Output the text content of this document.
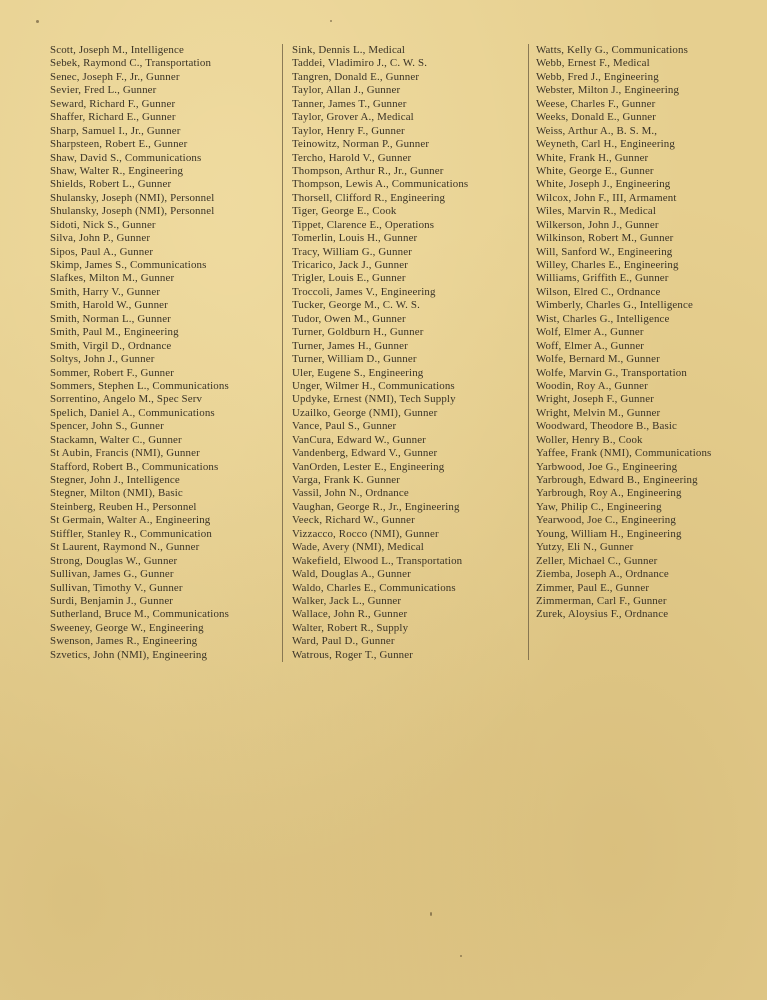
Scott, Joseph M., Intelligence
Sebek, Raymond C., Transportation
Senec, Joseph F., Jr., Gunner
Sevier, Fred L., Gunner
Seward, Richard F., Gunner
Shaffer, Richard E., Gunner
Sharp, Samuel I., Jr., Gunner
Sharpsteen, Robert E., Gunner
Shaw, David S., Communications
Shaw, Walter R., Engineering
Shields, Robert L., Gunner
Shulansky, Joseph (NMI), Personnel
Shulansky, Joseph (NMI), Personnel
Sidoti, Nick S., Gunner
Silva, John P., Gunner
Sipos, Paul A., Gunner
Skimp, James S., Communications
Slafkes, Milton M., Gunner
Smith, Harry V., Gunner
Smith, Harold W., Gunner
Smith, Norman L., Gunner
Smith, Paul M., Engineering
Smith, Virgil D., Ordnance
Soltys, John J., Gunner
Sommer, Robert F., Gunner
Sommers, Stephen L., Communications
Sorrentino, Angelo M., Spec Serv
Spelich, Daniel A., Communications
Spencer, John S., Gunner
Stackamn, Walter C., Gunner
St Aubin, Francis (NMI), Gunner
Stafford, Robert B., Communications
Stegner, John J., Intelligence
Stegner, Milton (NMI), Basic
Steinberg, Reuben H., Personnel
St Germain, Walter A., Engineering
Stiffler, Stanley R., Communication
St Laurent, Raymond N., Gunner
Strong, Douglas W., Gunner
Sullivan, James G., Gunner
Sullivan, Timothy V., Gunner
Surdi, Benjamin J., Gunner
Sutherland, Bruce M., Communications
Sweeney, George W., Engineering
Swenson, James R., Engineering
Szvetics, John (NMI), Engineering
Sink, Dennis L., Medical
Taddei, Vladimiro J., C. W. S.
Tangren, Donald E., Gunner
Taylor, Allan J., Gunner
Tanner, James T., Gunner
Taylor, Grover A., Medical
Taylor, Henry F., Gunner
Teinowitz, Norman P., Gunner
Tercho, Harold V., Gunner
Thompson, Arthur R., Jr., Gunner
Thompson, Lewis A., Communications
Thorsell, Clifford R., Engineering
Tiger, George E., Cook
Tippet, Clarence E., Operations
Tomerlin, Louis H., Gunner
Tracy, William G., Gunner
Tricarico, Jack J., Gunner
Trigler, Louis E., Gunner
Troccoli, James V., Engineering
Tucker, George M., C. W. S.
Tudor, Owen M., Gunner
Turner, Goldburn H., Gunner
Turner, James H., Gunner
Turner, William D., Gunner
Uler, Eugene S., Engineering
Unger, Wilmer H., Communications
Updyke, Ernest (NMI), Tech Supply
Uzailko, George (NMI), Gunner
Vance, Paul S., Gunner
VanCura, Edward W., Gunner
Vandenberg, Edward V., Gunner
VanOrden, Lester E., Engineering
Varga, Frank K. Gunner
Vassil, John N., Ordnance
Vaughan, George R., Jr., Engineering
Veeck, Richard W., Gunner
Vizzacco, Rocco (NMI), Gunner
Wade, Avery (NMI), Medical
Wakefield, Elwood L., Transportation
Wald, Douglas A., Gunner
Waldo, Charles E., Communications
Walker, Jack L., Gunner
Wallace, John R., Gunner
Walter, Robert R., Supply
Ward, Paul D., Gunner
Watrous, Roger T., Gunner
Watts, Kelly G., Communications
Webb, Ernest F., Medical
Webb, Fred J., Engineering
Webster, Milton J., Engineering
Weese, Charles F., Gunner
Weeks, Donald E., Gunner
Weiss, Arthur A., B. S. M.,
Weyneth, Carl H., Engineering
White, Frank H., Gunner
White, George E., Gunner
White, Joseph J., Engineering
Wilcox, John F., III, Armament
Wiles, Marvin R., Medical
Wilkerson, John J., Gunner
Wilkinson, Robert M., Gunner
Will, Sanford W., Engineering
Willey, Charles E., Engineering
Williams, Griffith E., Gunner
Wilson, Elred C., Ordnance
Wimberly, Charles G., Intelligence
Wist, Charles G., Intelligence
Wolf, Elmer A., Gunner
Woff, Elmer A., Gunner
Wolfe, Bernard M., Gunner
Wolfe, Marvin G., Transportation
Woodin, Roy A., Gunner
Wright, Joseph F., Gunner
Wright, Melvin M., Gunner
Woodward, Theodore B., Basic
Woller, Henry B., Cook
Yaffee, Frank (NMI), Communications
Yarbwood, Joe G., Engineering
Yarbrough, Edward B., Engineering
Yarbrough, Roy A., Engineering
Yaw, Philip C., Engineering
Yearwood, Joe C., Engineering
Young, William H., Engineering
Yutzy, Eli N., Gunner
Zeller, Michael C., Gunner
Ziemba, Joseph A., Ordnance
Zimmer, Paul E., Gunner
Zimmerman, Carl F., Gunner
Zurek, Aloysius F., Ordnance
